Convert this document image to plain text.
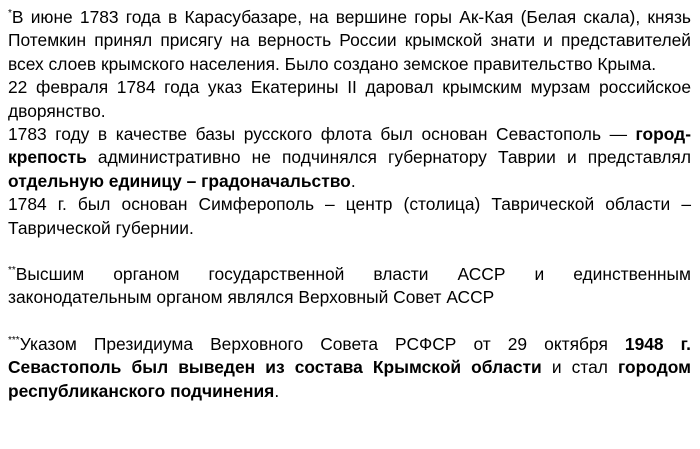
*В июне 1783 года в Карасубазаре, на вершине горы Ак-Кая (Белая скала), князь Потемкин принял присягу на верность России крымской знати и представителей всех слоев крымского населения. Было создано земское правительство Крыма.

22 февраля 1784 года указ Екатерины II даровал крымским мурзам российское дворянство.

1783 году в качестве базы русского флота был основан Севастополь — город-крепость административно не подчинялся губернатору Таврии и представлял отдельную единицу – градоначальство.

1784 г. был основан Симферополь – центр (столица) Таврической области – Таврической губернии.

**Высшим органом государственной власти АССР и единственным законодательным органом являлся Верховный Совет АССР

***Указом Президиума Верховного Совета РСФСР от 29 октября 1948 г. Севастополь был выведен из состава Крымской области и стал городом республиканского подчинения.
